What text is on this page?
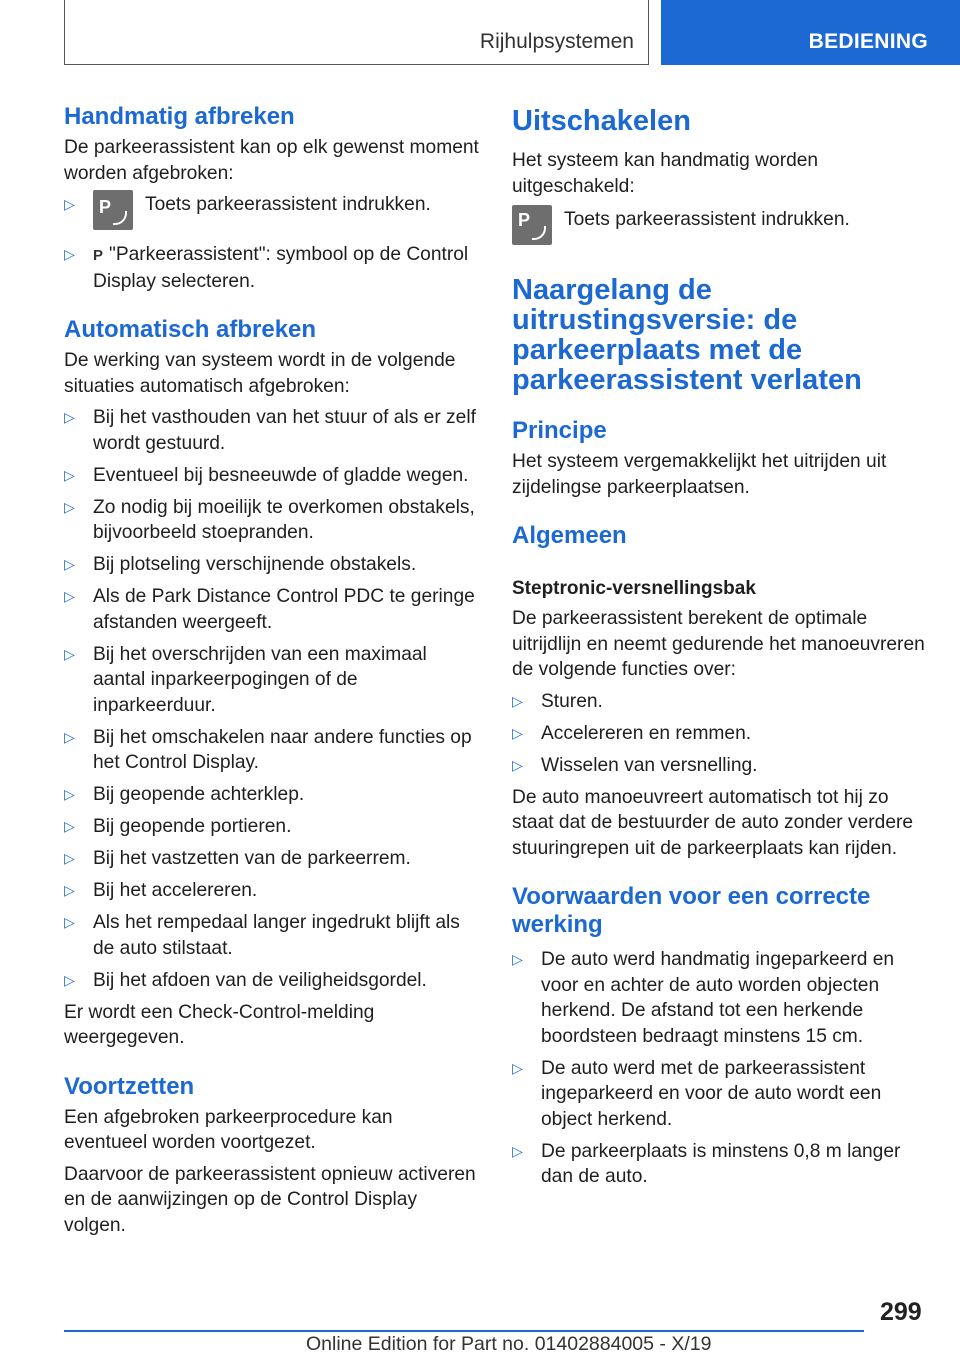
Rijhulpsystemen	BEDIENING
Handmatig afbreken

De parkeerassistent kan op elk gewenst moment worden afgebroken:

▷ P Toets parkeerassistent indrukken.
▷ P "Parkeerassistent": symbool op de Control Display selecteren.
Automatisch afbreken

De werking van systeem wordt in de volgende situaties automatisch afgebroken:

▷ Bij het vasthouden van het stuur of als er zelf wordt gestuurd.
▷ Eventueel bij besneeuwde of gladde wegen.
▷ Zo nodig bij moeilijk te overkomen obstakels, bijvoorbeeld stoepranden.
▷ Bij plotseling verschijnende obstakels.
▷ Als de Park Distance Control PDC te geringe afstanden weergeeft.
▷ Bij het overschrijden van een maximaal aantal inparkeerpogingen of de inparkeerduur.
▷ Bij het omschakelen naar andere functies op het Control Display.
▷ Bij geopende achterklep.
▷ Bij geopende portieren.
▷ Bij het vastzetten van de parkeerrem.
▷ Bij het accelereren.
▷ Als het rempedaal langer ingedrukt blijft als de auto stilstaat.
▷ Bij het afdoen van de veiligheidsgordel.

Er wordt een Check-Control-melding weergegeven.

Voortzetten

Een afgebroken parkeerprocedure kan eventueel worden voortgezet.

Daarvoor de parkeerassistent opnieuw activeren en de aanwijzingen op de Control Display volgen.

Uitschakelen

Het systeem kan handmatig worden uitgeschakeld:

P Toets parkeerassistent indrukken.
Naargelang de uitrustingsversie: de parkeerplaats met de parkeerassistent verlaten
Principe

Het systeem vergemakkelijkt het uitrijden uit zijdelingse parkeerplaatsen.

Algemeen
Steptronic-versnellingsbak

De parkeerassistent berekent de optimale uitrijdlijn en neemt gedurende het manoeuvreren de volgende functies over:

▷ Sturen.
▷ Accelereren en remmen.
▷ Wisselen van versnelling.

De auto manoeuvreert automatisch tot hij zo staat dat de bestuurder de auto zonder verdere stuuringrepen uit de parkeerplaats kan rijden.

Voorwaarden voor een correcte werking
▷ De auto werd handmatig ingeparkeerd en voor en achter de auto worden objecten herkend. De afstand tot een herkende boordsteen bedraagt minstens 15 cm.
▷ De auto werd met de parkeerassistent ingeparkeerd en voor de auto wordt een object herkend.
▷ De parkeerplaats is minstens 0,8 m langer dan de auto.
299
Online Edition for Part no. 01402884005 - X/19
